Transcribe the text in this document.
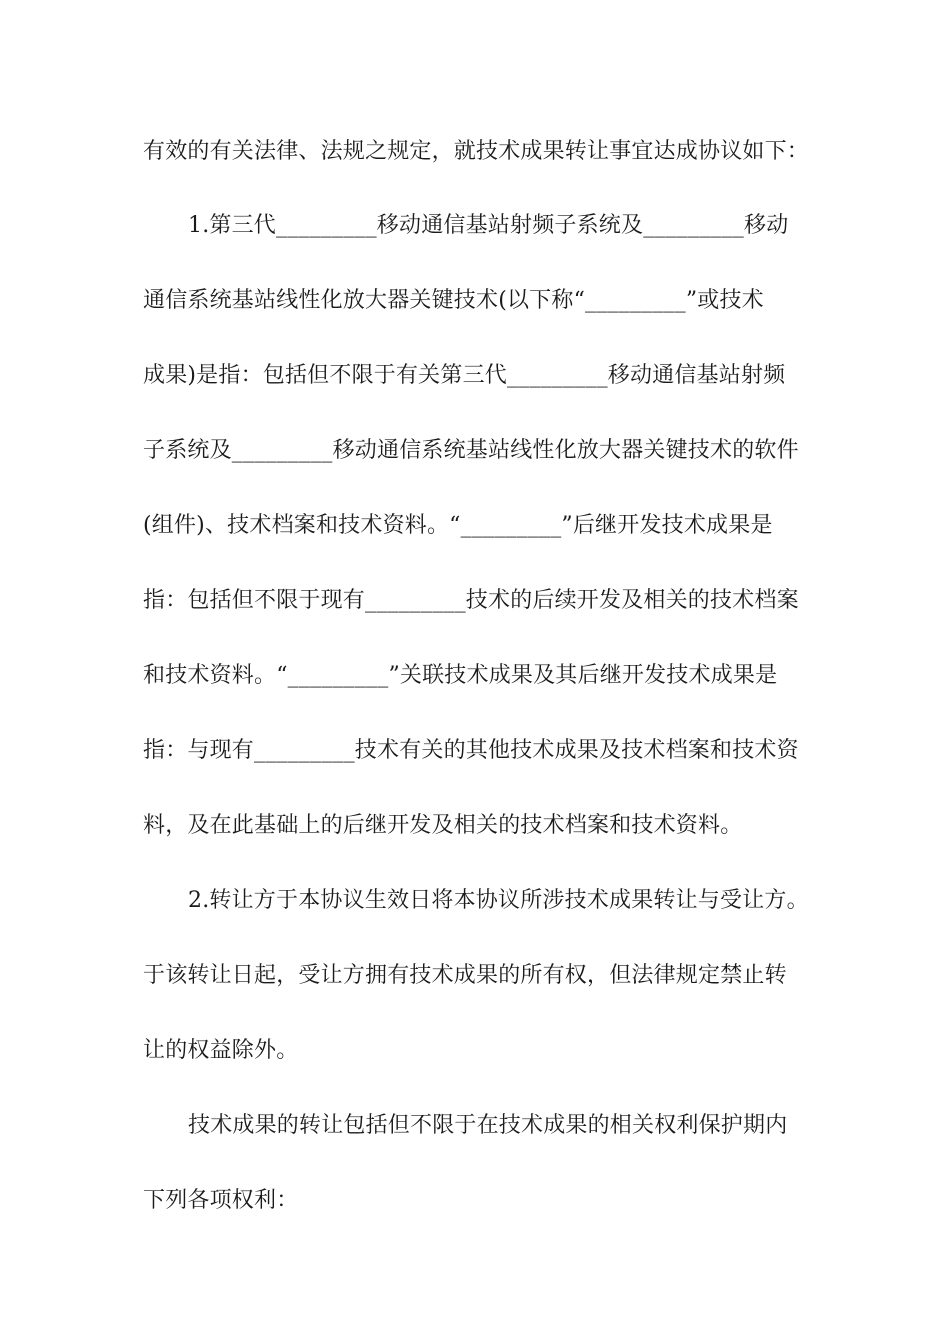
有效的有关法律、法规之规定，就技术成果转让事宜达成协议如下：
1.第三代_________移动通信基站射频子系统及_________移动
通信系统基站线性化放大器关键技术(以下称“_________”或技术
成果)是指：包括但不限于有关第三代_________移动通信基站射频
子系统及_________移动通信系统基站线性化放大器关键技术的软件
(组件)、技术档案和技术资料。“_________”后继开发技术成果是
指：包括但不限于现有_________技术的后续开发及相关的技术档案
和技术资料。“_________”关联技术成果及其后继开发技术成果是
指：与现有_________技术有关的其他技术成果及技术档案和技术资
料，及在此基础上的后继开发及相关的技术档案和技术资料。
2.转让方于本协议生效日将本协议所涉技术成果转让与受让方。
于该转让日起，受让方拥有技术成果的所有权，但法律规定禁止转
让的权益除外。
技术成果的转让包括但不限于在技术成果的相关权利保护期内
下列各项权利：
